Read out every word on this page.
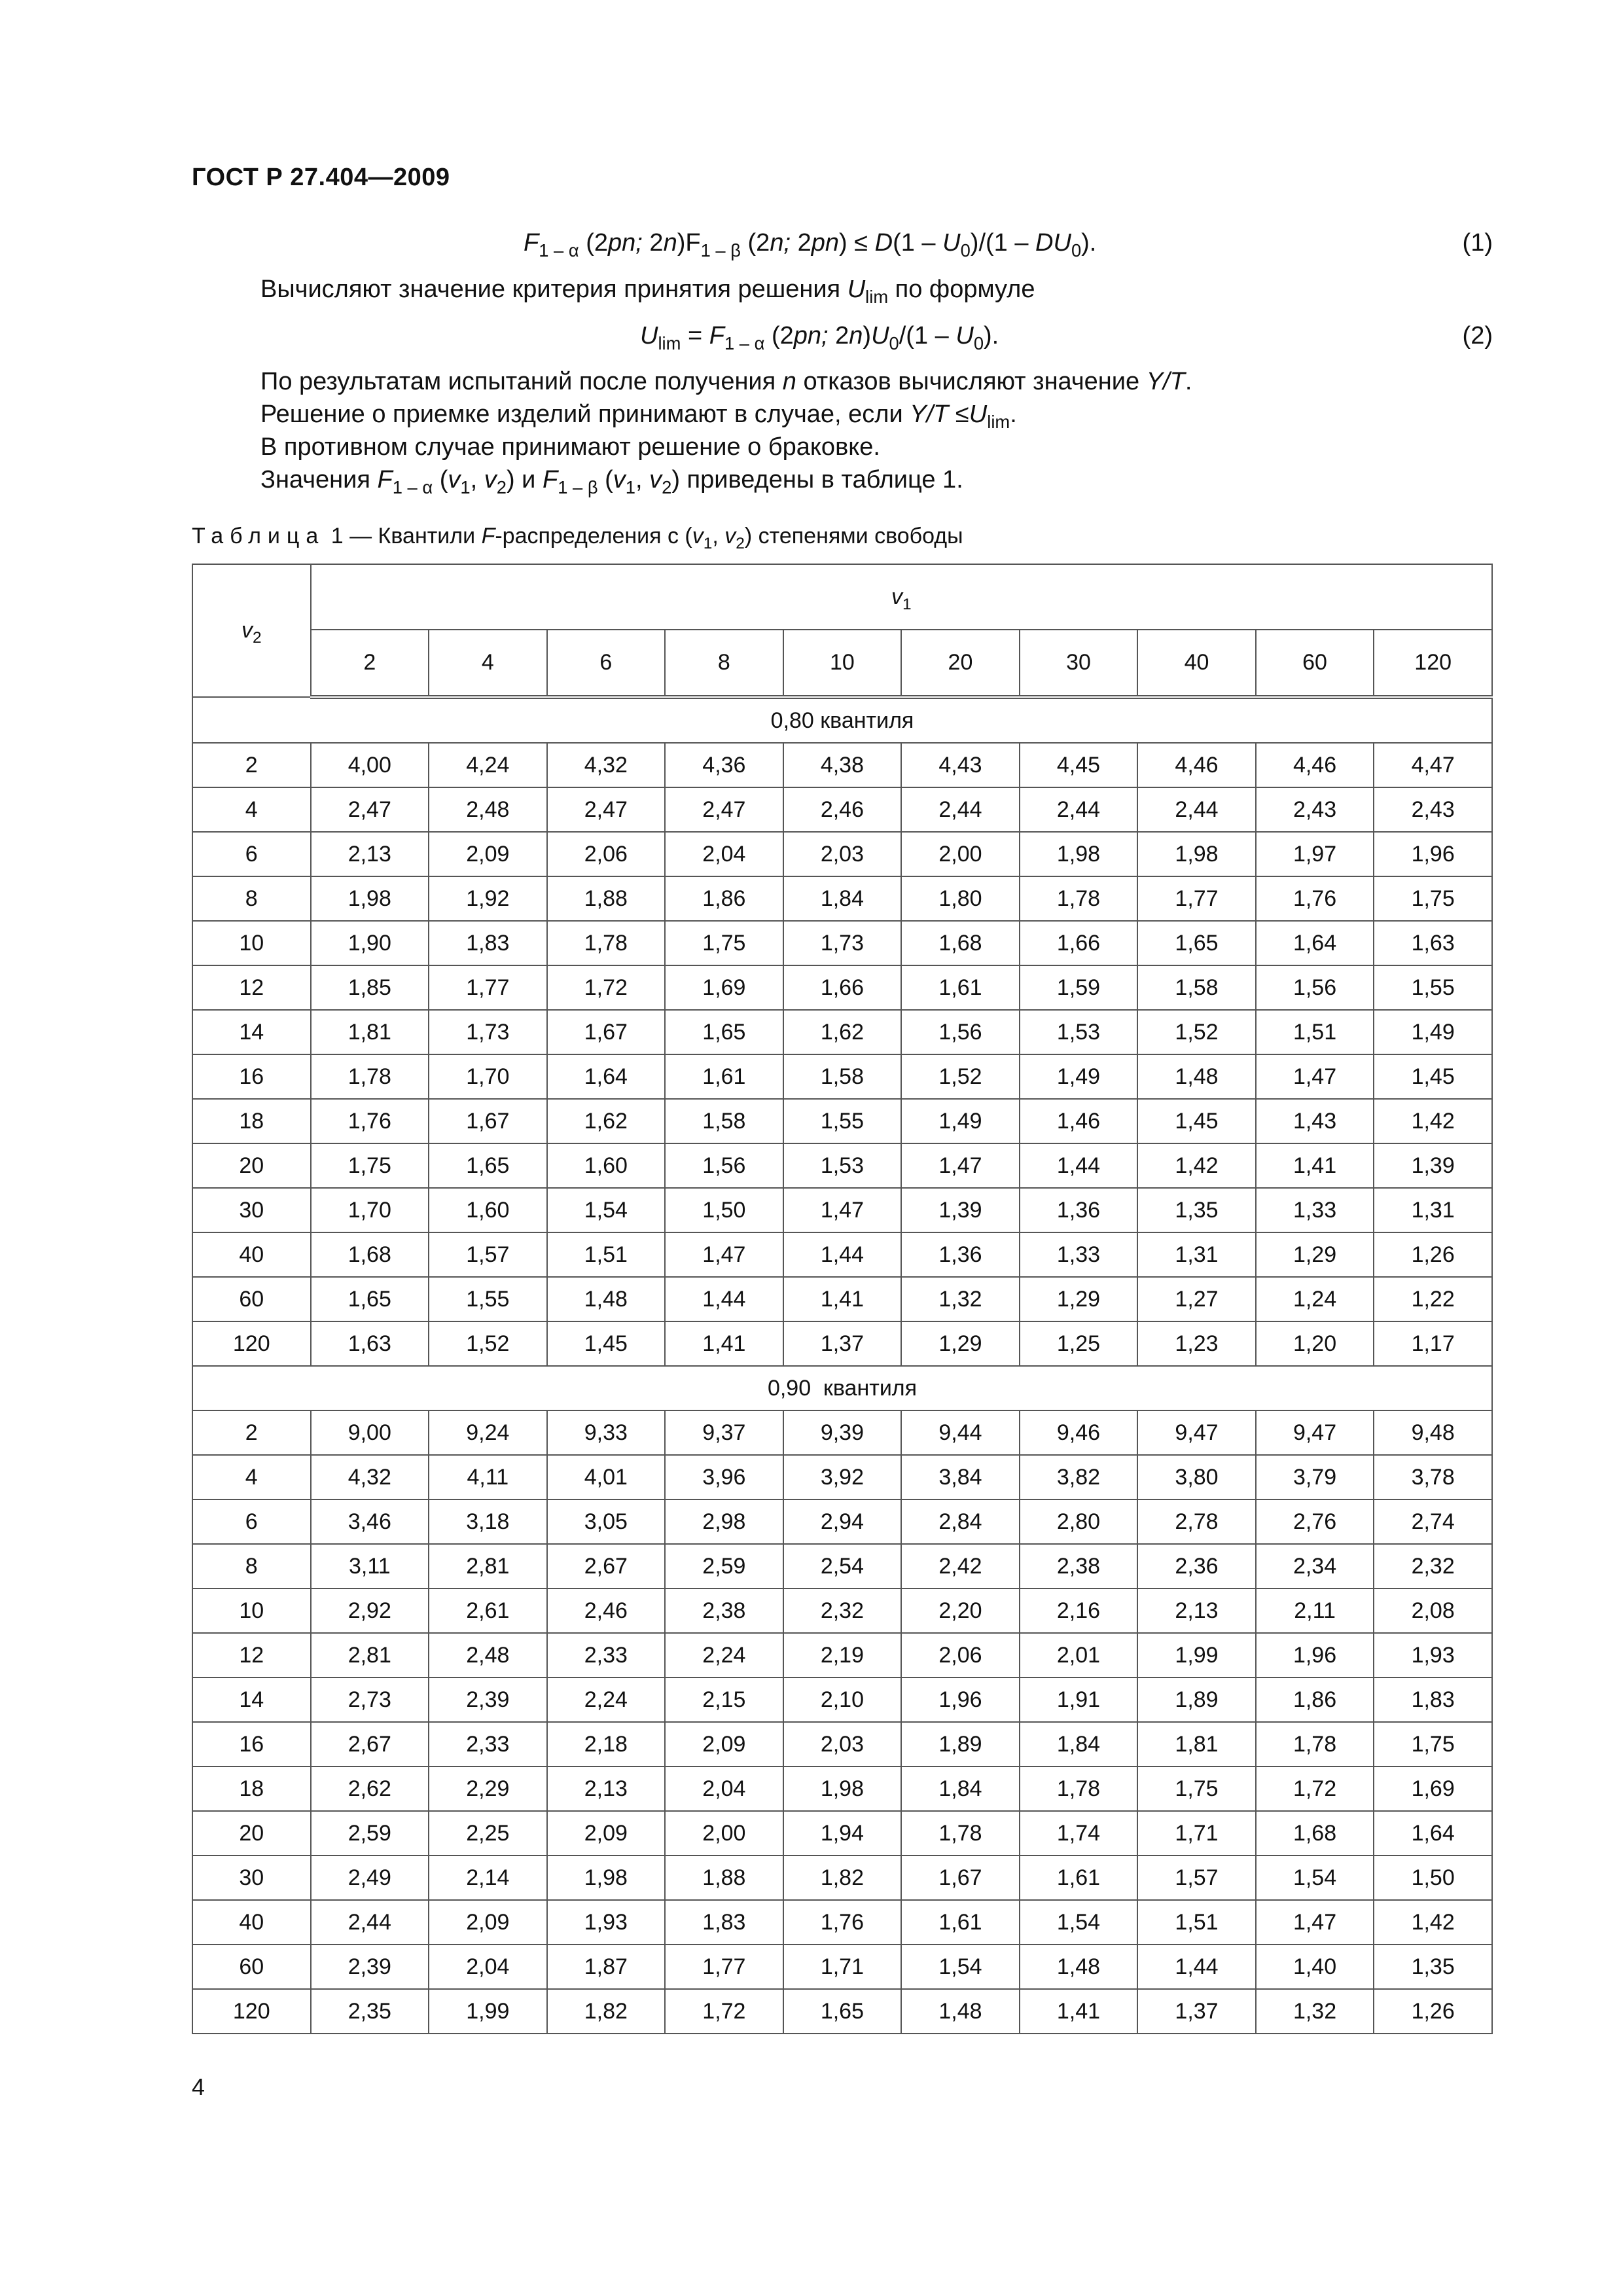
ГОСТ Р 27.404—2009
$F_{1 - \alpha}$ (2pn; $2n)F_{1 - \beta}$ (2n; $2pn) \le D(1 - U_0)/(1 - DU_0)$.	(1)
Вычисляют значение критерия принятия решения $U_{lim}$ по формуле
$U_{lim} = F_{1 - \alpha}$ (2pn; $2n)U_0/(1 - U_0)$.	(2)
По результатам испытаний после получения n отказов вычисляют значение Y/T.
Решение о приемке изделий принимают в случае, если $Y/T \le U_{lim}$.
В противном случае принимают решение о браковке.
Значения $F_{1 - \alpha}$ ($v_1$, $v_2$) и $F_{1 - \beta}$ ($v_1$, $v_2$) приведены в таблице 1.
Таблица 1 — Квантили F-распределения с ($v_1$, $v_2$) степенями свободы
$v_2$	$v_1$
	2	4	6	8	10	20	30	40	60	120
0,80 квантиля										
2	4,00	4,24	4,32	4,36	4,38	4,43	4,45	4,46	4,46	4,47
4	2,47	2,48	2,47	2,47	2,46	2,44	2,44	2,44	2,43	2,43
6	2,13	2,09	2,06	2,04	2,03	2,00	1,98	1,98	1,97	1,96
8	1,98	1,92	1,88	1,86	1,84	1,80	1,78	1,77	1,76	1,75
10	1,90	1,83	1,78	1,75	1,73	1,68	1,66	1,65	1,64	1,63
12	1,85	1,77	1,72	1,69	1,66	1,61	1,59	1,58	1,56	1,55
14	1,81	1,73	1,67	1,65	1,62	1,56	1,53	1,52	1,51	1,49
16	1,78	1,70	1,64	1,61	1,58	1,52	1,49	1,48	1,47	1,45
18	1,76	1,67	1,62	1,58	1,55	1,49	1,46	1,45	1,43	1,42
20	1,75	1,65	1,60	1,56	1,53	1,47	1,44	1,42	1,41	1,39
30	1,70	1,60	1,54	1,50	1,47	1,39	1,36	1,35	1,33	1,31
40	1,68	1,57	1,51	1,47	1,44	1,36	1,33	1,31	1,29	1,26
60	1,65	1,55	1,48	1,44	1,41	1,32	1,29	1,27	1,24	1,22
120	1,63	1,52	1,45	1,41	1,37	1,29	1,25	1,23	1,20	1,17
0,90  квантиля										
2	9,00	9,24	9,33	9,37	9,39	9,44	9,46	9,47	9,47	9,48
4	4,32	4,11	4,01	3,96	3,92	3,84	3,82	3,80	3,79	3,78
6	3,46	3,18	3,05	2,98	2,94	2,84	2,80	2,78	2,76	2,74
8	3,11	2,81	2,67	2,59	2,54	2,42	2,38	2,36	2,34	2,32
10	2,92	2,61	2,46	2,38	2,32	2,20	2,16	2,13	2,11	2,08
12	2,81	2,48	2,33	2,24	2,19	2,06	2,01	1,99	1,96	1,93
14	2,73	2,39	2,24	2,15	2,10	1,96	1,91	1,89	1,86	1,83
16	2,67	2,33	2,18	2,09	2,03	1,89	1,84	1,81	1,78	1,75
18	2,62	2,29	2,13	2,04	1,98	1,84	1,78	1,75	1,72	1,69
20	2,59	2,25	2,09	2,00	1,94	1,78	1,74	1,71	1,68	1,64
30	2,49	2,14	1,98	1,88	1,82	1,67	1,61	1,57	1,54	1,50
40	2,44	2,09	1,93	1,83	1,76	1,61	1,54	1,51	1,47	1,42
60	2,39	2,04	1,87	1,77	1,71	1,54	1,48	1,44	1,40	1,35
120	2,35	1,99	1,82	1,72	1,65	1,48	1,41	1,37	1,32	1,26
4
